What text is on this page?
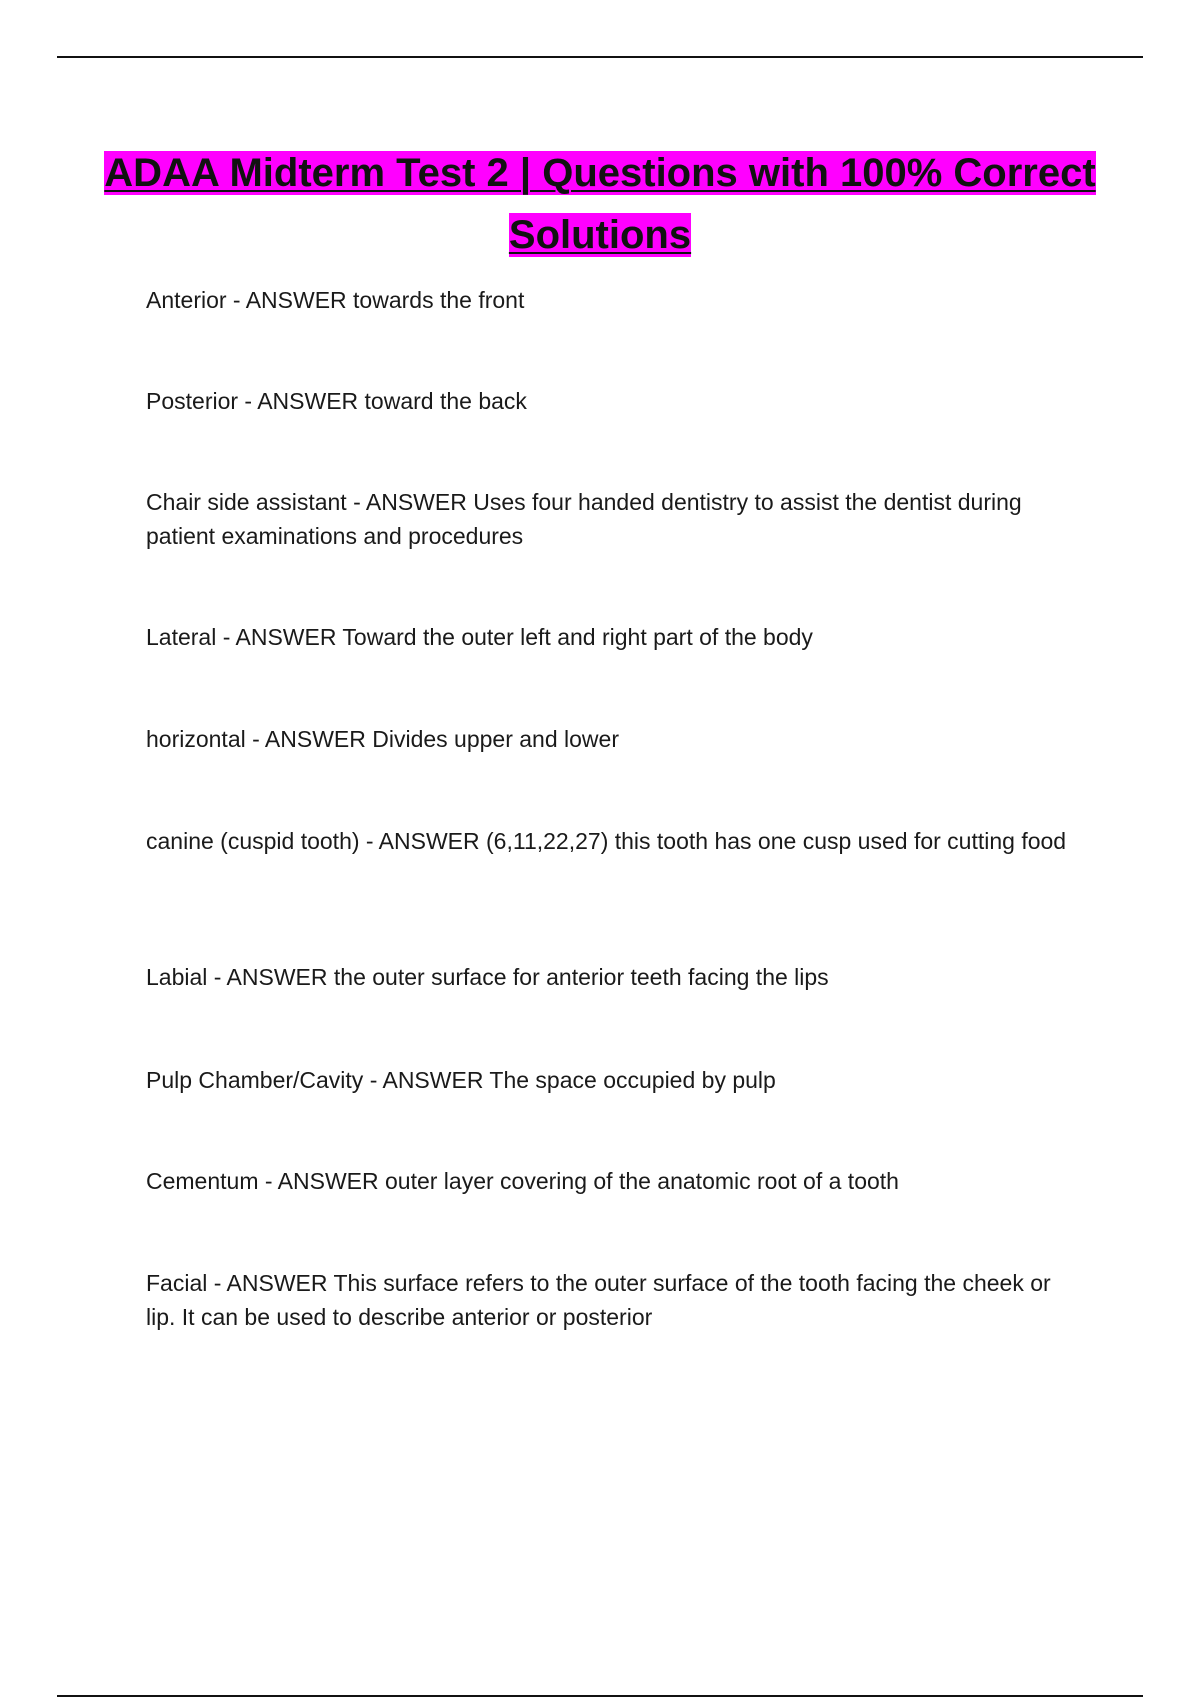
ADAA Midterm Test 2 | Questions with 100% Correct Solutions
Anterior - ANSWER towards the front
Posterior - ANSWER toward the back
Chair side assistant - ANSWER Uses four handed dentistry to assist the dentist during patient examinations and procedures
Lateral - ANSWER Toward the outer left and right part of the body
horizontal - ANSWER Divides upper and lower
canine (cuspid tooth) - ANSWER (6,11,22,27) this tooth has one cusp used for cutting food
Labial - ANSWER the outer surface for anterior teeth facing the lips
Pulp Chamber/Cavity - ANSWER The space occupied by pulp
Cementum - ANSWER outer layer covering of the anatomic root of a tooth
Facial - ANSWER This surface refers to the outer surface of the tooth facing the cheek or lip. It can be used to describe anterior or posterior
